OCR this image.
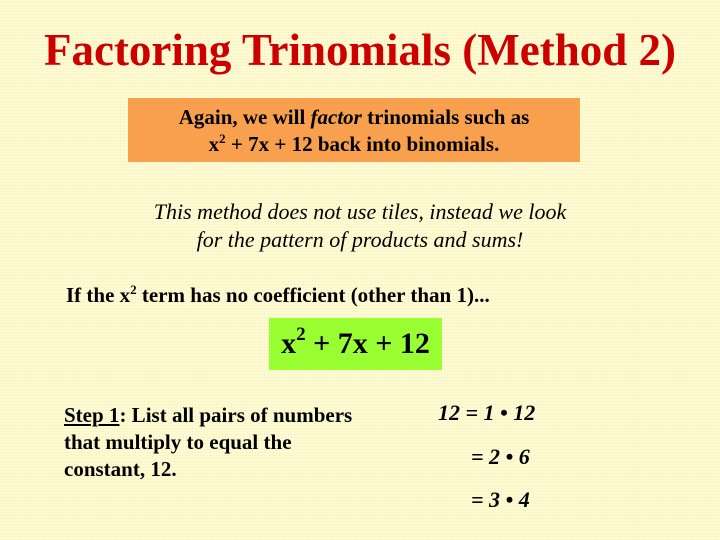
Factoring Trinomials (Method 2)
Again, we will factor trinomials such as
$x^2 + 7x + 12$ back into binomials.
This method does not use tiles, instead we look
for the pattern of products and sums!
If the $x^2$ term has no coefficient (other than 1)...
$x^2 + 7x + 12$
Step 1: List all pairs of numbers that multiply to equal the constant, 12.
12 = 1 • 12
= 2 • 6
= 3 • 4
